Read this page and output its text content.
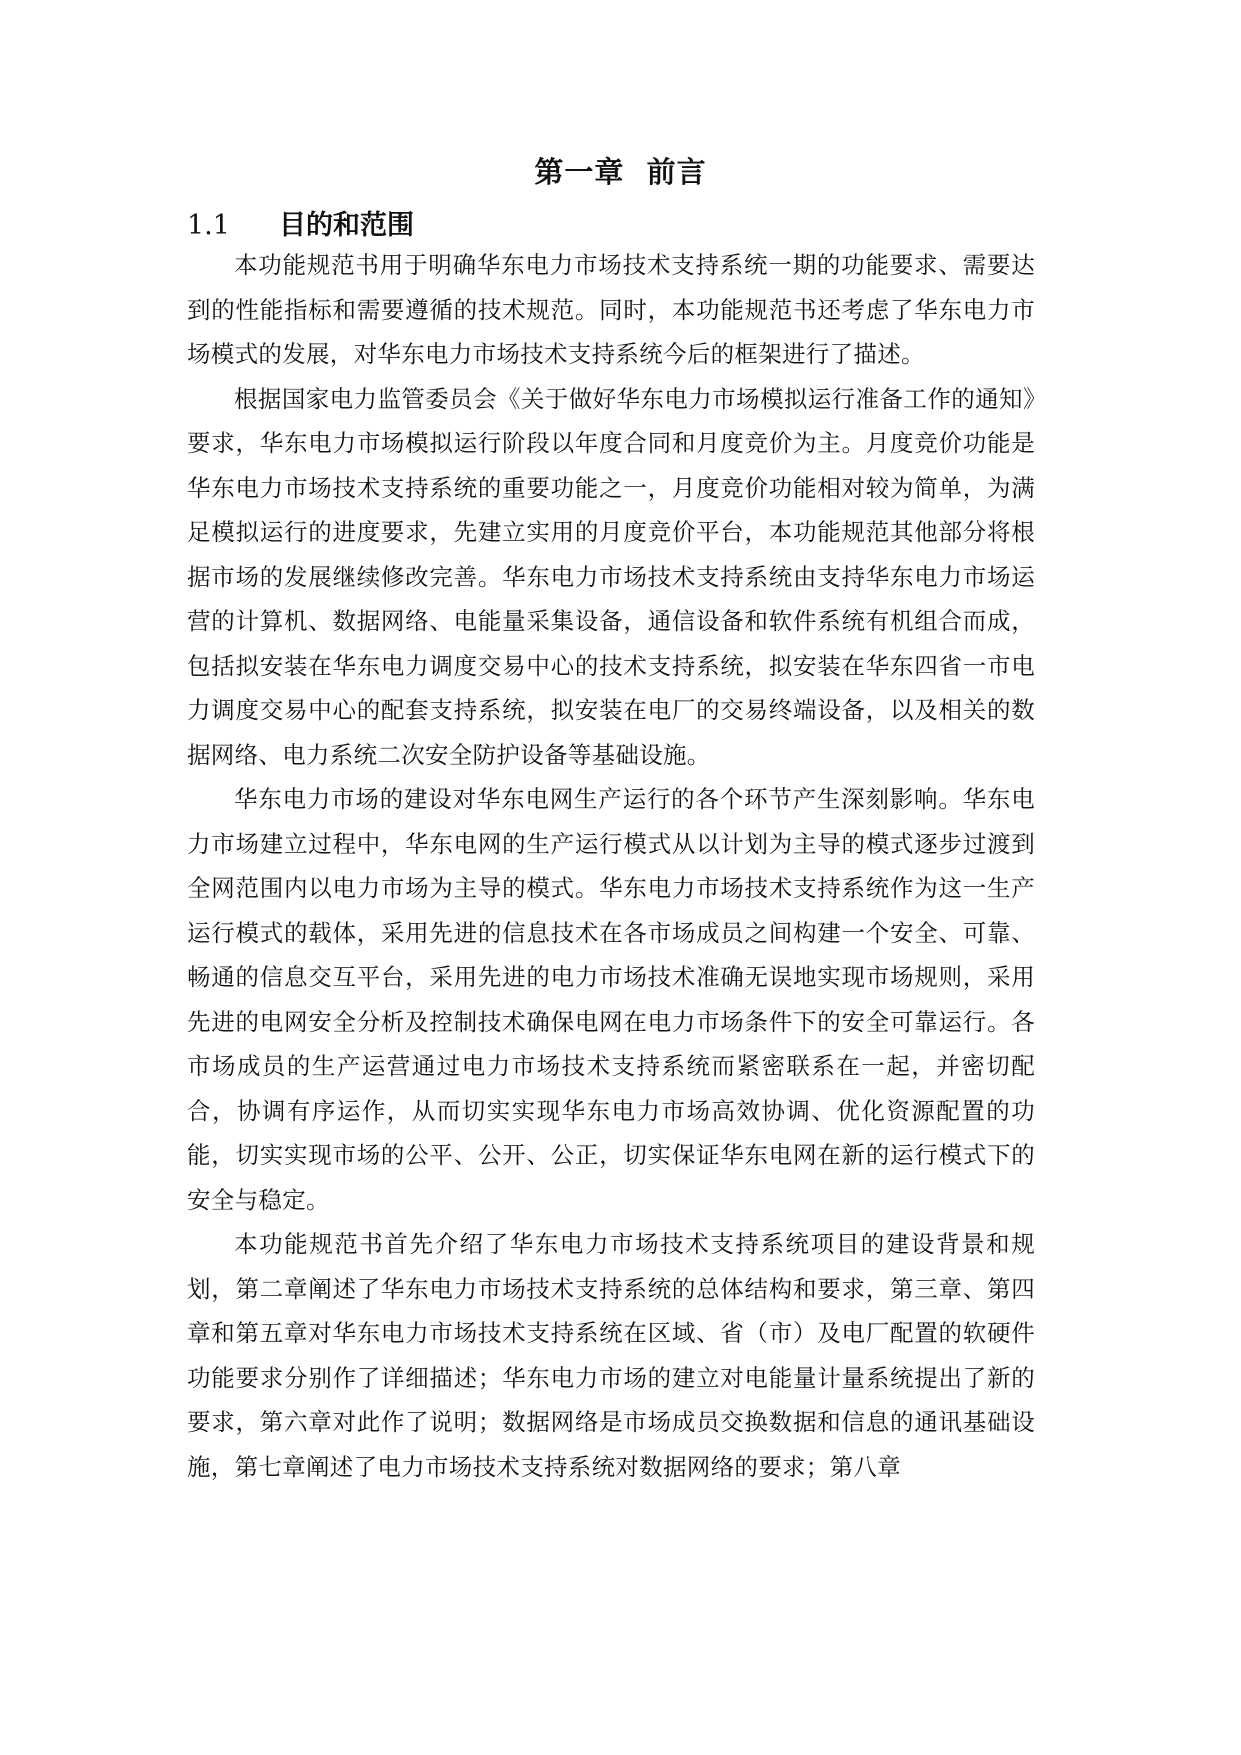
第一章  前言
1.1	目的和范围

本功能规范书用于明确华东电力市场技术支持系统一期的功能要求、需要达到的性能指标和需要遵循的技术规范。同时，本功能规范书还考虑了华东电力市场模式的发展，对华东电力市场技术支持系统今后的框架进行了描述。

根据国家电力监管委员会《关于做好华东电力市场模拟运行准备工作的通知》要求，华东电力市场模拟运行阶段以年度合同和月度竞价为主。月度竞价功能是华东电力市场技术支持系统的重要功能之一，月度竞价功能相对较为简单，为满足模拟运行的进度要求，先建立实用的月度竞价平台，本功能规范其他部分将根据市场的发展继续修改完善。华东电力市场技术支持系统由支持华东电力市场运营的计算机、数据网络、电能量采集设备，通信设备和软件系统有机组合而成，包括拟安装在华东电力调度交易中心的技术支持系统，拟安装在华东四省一市电力调度交易中心的配套支持系统，拟安装在电厂的交易终端设备，以及相关的数据网络、电力系统二次安全防护设备等基础设施。

华东电力市场的建设对华东电网生产运行的各个环节产生深刻影响。华东电力市场建立过程中，华东电网的生产运行模式从以计划为主导的模式逐步过渡到全网范围内以电力市场为主导的模式。华东电力市场技术支持系统作为这一生产运行模式的载体，采用先进的信息技术在各市场成员之间构建一个安全、可靠、畅通的信息交互平台，采用先进的电力市场技术准确无误地实现市场规则，采用先进的电网安全分析及控制技术确保电网在电力市场条件下的安全可靠运行。各市场成员的生产运营通过电力市场技术支持系统而紧密联系在一起，并密切配合，协调有序运作，从而切实实现华东电力市场高效协调、优化资源配置的功能，切实实现市场的公平、公开、公正，切实保证华东电网在新的运行模式下的安全与稳定。

本功能规范书首先介绍了华东电力市场技术支持系统项目的建设背景和规划，第二章阐述了华东电力市场技术支持系统的总体结构和要求，第三章、第四章和第五章对华东电力市场技术支持系统在区域、省（市）及电厂配置的软硬件功能要求分别作了详细描述；华东电力市场的建立对电能量计量系统提出了新的要求，第六章对此作了说明；数据网络是市场成员交换数据和信息的通讯基础设施，第七章阐述了电力市场技术支持系统对数据网络的要求；第八章
